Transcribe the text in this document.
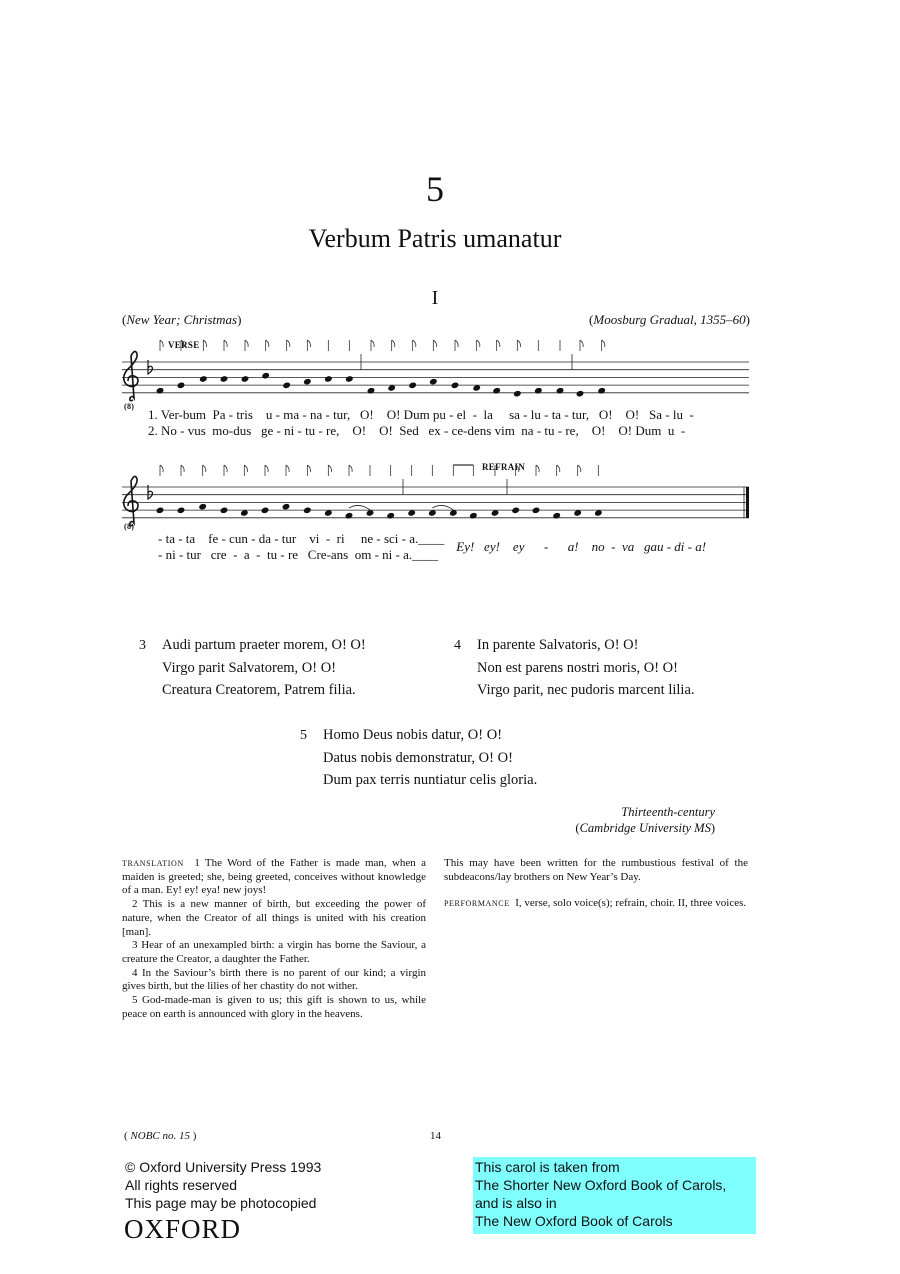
5
Verbum Patris umanatur
I
(New Year; Christmas)	(Moosburg Gradual, 1355–60)
VERSE
REFRAIN
(8)
(8)
1. Ver-bum  Pa - tris    u - ma - na - tur,   O!    O! Dum pu - el  -  la     sa - lu - ta - tur,   O!    O!   Sa - lu  -
2. No - vus  mo-dus   ge - ni - tu - re,    O!    O!  Sed   ex - ce-dens vim  na - tu - re,    O!    O! Dum  u  -
- ta - ta    fe - cun - da - tur    vi  -  ri     ne - sci - a.____
- ni - tur   cre  -  a  -  tu - re   Cre-ans  om - ni - a.____
Ey!   ey!    ey      -      a!    no  -  va   gau - di - a!
3 Audi partum praeter morem, O! O!
Virgo parit Salvatorem, O! O!
Creatura Creatorem, Patrem filia.
4 In parente Salvatoris, O! O!
Non est parens nostri moris, O! O!
Virgo parit, nec pudoris marcent lilia.
5 Homo Deus nobis datur, O! O!
Datus nobis demonstratur, O! O!
Dum pax terris nuntiatur celis gloria.
Thirteenth-century
(Cambridge University MS)
translation 1 The Word of the Father is made man, when a maiden is greeted; she, being greeted, conceives without knowledge of a man. Ey! ey! eya! new joys!
2 This is a new manner of birth, but exceeding the power of nature, when the Creator of all things is united with his creation [man].
3 Hear of an unexampled birth: a virgin has borne the Saviour, a creature the Creator, a daughter the Father.
4 In the Saviour’s birth there is no parent of our kind; a virgin gives birth, but the lilies of her chastity do not wither.
5 God-made-man is given to us; this gift is shown to us, while peace on earth is announced with glory in the heavens.
This may have been written for the rumbustious festival of the subdeacons/lay brothers on New Year’s Day.
performance I, verse, solo voice(s); refrain, choir. II, three voices.
( NOBC no. 15 )	14
© Oxford University Press 1993
All rights reserved
This page may be photocopied
OXFORD
This carol is taken from
The Shorter New Oxford Book of Carols,
and is also in
The New Oxford Book of Carols
